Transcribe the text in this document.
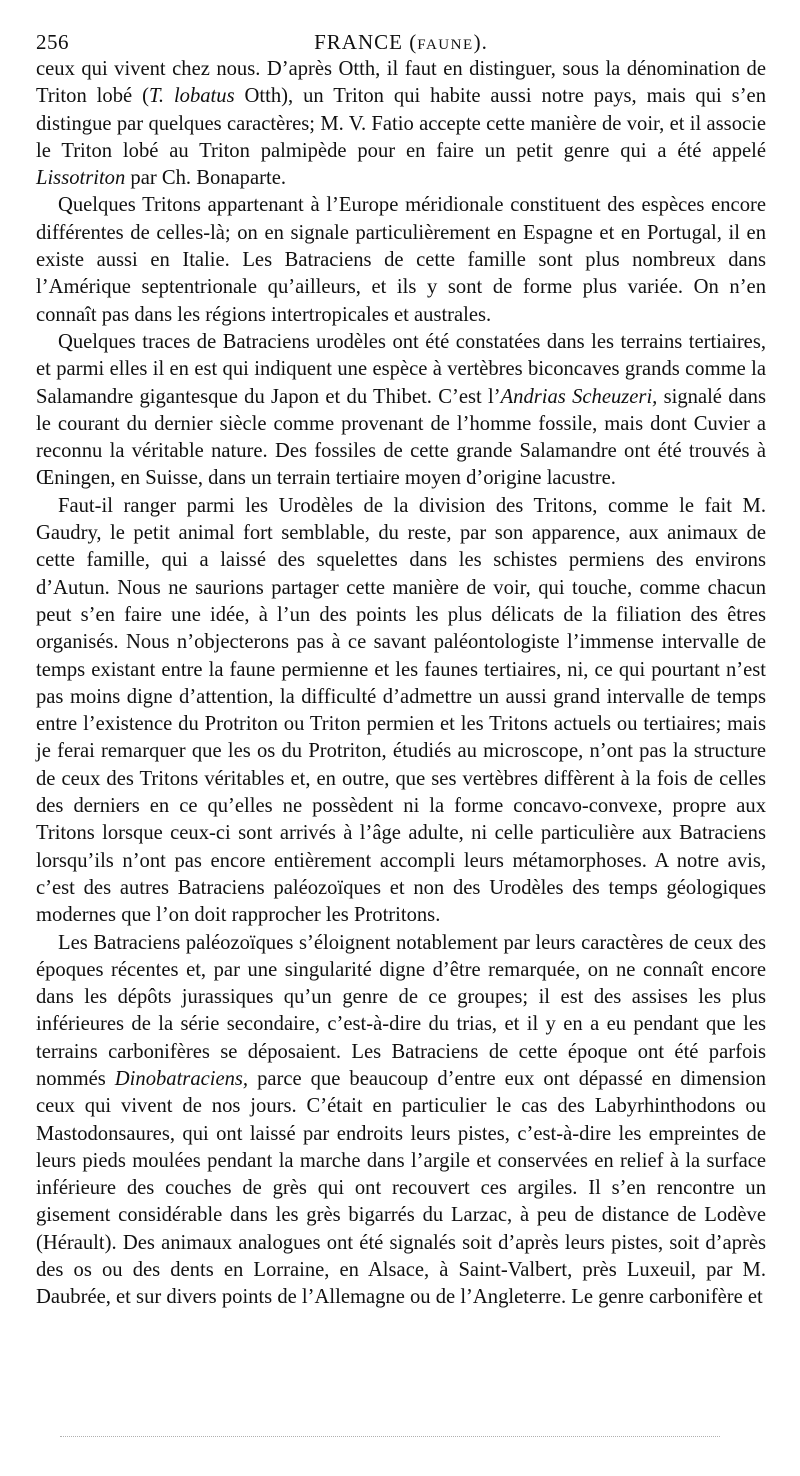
256	FRANCE (FAUNE).

ceux qui vivent chez nous. D’après Otth, il faut en distinguer, sous la dénomination de Triton lobé (T. lobatus Otth), un Triton qui habite aussi notre pays, mais qui s’en distingue par quelques caractères; M. V. Fatio accepte cette manière de voir, et il associe le Triton lobé au Triton palmipède pour en faire un petit genre qui a été appelé Lissotriton par Ch. Bonaparte.

Quelques Tritons appartenant à l’Europe méridionale constituent des espèces encore différentes de celles-là; on en signale particulièrement en Espagne et en Portugal, il en existe aussi en Italie. Les Batraciens de cette famille sont plus nombreux dans l’Amérique septentrionale qu’ailleurs, et ils y sont de forme plus variée. On n’en connaît pas dans les régions intertropicales et australes.

Quelques traces de Batraciens urodèles ont été constatées dans les terrains tertiaires, et parmi elles il en est qui indiquent une espèce à vertèbres biconcaves grands comme la Salamandre gigantesque du Japon et du Thibet. C’est l’Andrias Scheuzeri, signalé dans le courant du dernier siècle comme provenant de l’homme fossile, mais dont Cuvier a reconnu la véritable nature. Des fossiles de cette grande Salamandre ont été trouvés à Œningen, en Suisse, dans un terrain tertiaire moyen d’origine lacustre.

Faut-il ranger parmi les Urodèles de la division des Tritons, comme le fait M. Gaudry, le petit animal fort semblable, du reste, par son apparence, aux animaux de cette famille, qui a laissé des squelettes dans les schistes permiens des environs d’Autun. Nous ne saurions partager cette manière de voir, qui touche, comme chacun peut s’en faire une idée, à l’un des points les plus délicats de la filiation des êtres organisés. Nous n’objecterons pas à ce savant paléontologiste l’immense intervalle de temps existant entre la faune permienne et les faunes tertiaires, ni, ce qui pourtant n’est pas moins digne d’attention, la difficulté d’admettre un aussi grand intervalle de temps entre l’existence du Protriton ou Triton permien et les Tritons actuels ou tertiaires; mais je ferai remarquer que les os du Protriton, étudiés au microscope, n’ont pas la structure de ceux des Tritons véritables et, en outre, que ses vertèbres diffèrent à la fois de celles des derniers en ce qu’elles ne possèdent ni la forme concavo-convexe, propre aux Tritons lorsque ceux-ci sont arrivés à l’âge adulte, ni celle particulière aux Batraciens lorsqu’ils n’ont pas encore entièrement accompli leurs métamorphoses. A notre avis, c’est des autres Batraciens paléozoïques et non des Urodèles des temps géologiques modernes que l’on doit rapprocher les Protritons.

Les Batraciens paléozoïques s’éloignent notablement par leurs caractères de ceux des époques récentes et, par une singularité digne d’être remarquée, on ne connaît encore dans les dépôts jurassiques qu’un genre de ce groupes; il est des assises les plus inférieures de la série secondaire, c’est-à-dire du trias, et il y en a eu pendant que les terrains carbonifères se déposaient. Les Batraciens de cette époque ont été parfois nommés Dinobatraciens, parce que beaucoup d’entre eux ont dépassé en dimension ceux qui vivent de nos jours. C’était en particulier le cas des Labyrhinthodons ou Mastodonsaures, qui ont laissé par endroits leurs pistes, c’est-à-dire les empreintes de leurs pieds moulées pendant la marche dans l’argile et conservées en relief à la surface inférieure des couches de grès qui ont recouvert ces argiles. Il s’en rencontre un gisement considérable dans les grès bigarrés du Larzac, à peu de distance de Lodève (Hérault). Des animaux analogues ont été signalés soit d’après leurs pistes, soit d’après des os ou des dents en Lorraine, en Alsace, à Saint-Valbert, près Luxeuil, par M. Daubrée, et sur divers points de l’Allemagne ou de l’Angleterre. Le genre carbonifère et
